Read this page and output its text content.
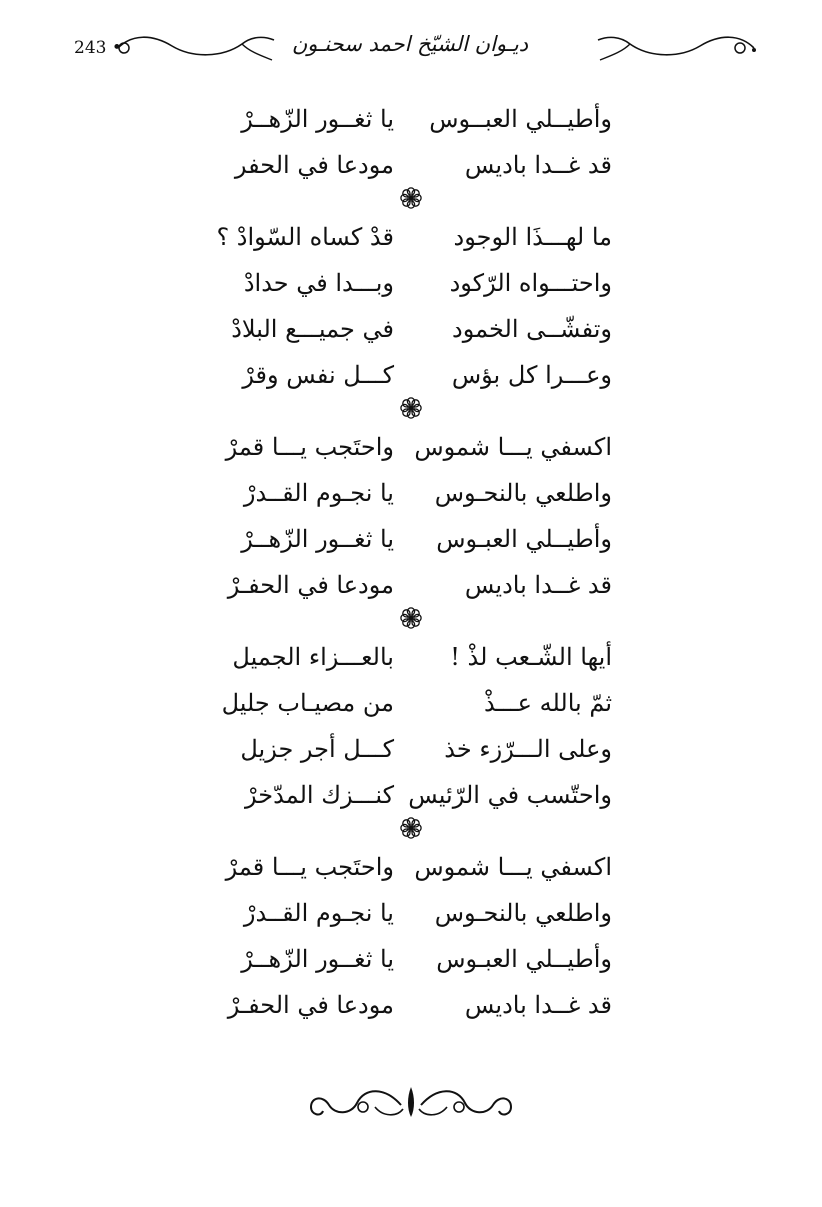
243 •	ديـوان الشيّخ احمد سحنـون
وأطيــلي العبــوس
يا ثغــور الزّهــرْ
قد غــدا باديس
مودعا في الحفر
ما لهـــذَا الوجود
قدْ كساه السّوادْ ؟
واحتـــواه الرّكود
وبـــدا في حدادْ
وتفشّــى الخمود
في جميـــع البلادْ
وعـــرا كل بؤس
كـــل نفس وقرْ
اكسفي يـــا شموس
واحتَجب يـــا قمرْ
واطلعي بالنحـوس
يا نجـوم القــدرْ
وأطيــلي العبـوس
يا ثغــور الزّهــرْ
قد غــدا باديس
مودعا في الحفـرْ
أيها الشّـعب لذْ !
بالعـــزاء الجميل
ثمّ بالله عـــذْ
من مصيـاب جليل
وعلى الـــرّزء خذ
كـــل أجر جزيل
واحتّسب في الرّئيس
كنـــزك المدّخرْ
اكسفي يـــا شموس
واحتَجب يـــا قمرْ
واطلعي بالنحـوس
يا نجـوم القــدرْ
وأطيــلي العبـوس
يا ثغــور الزّهــرْ
قد غــدا باديس
مودعا في الحفـرْ
